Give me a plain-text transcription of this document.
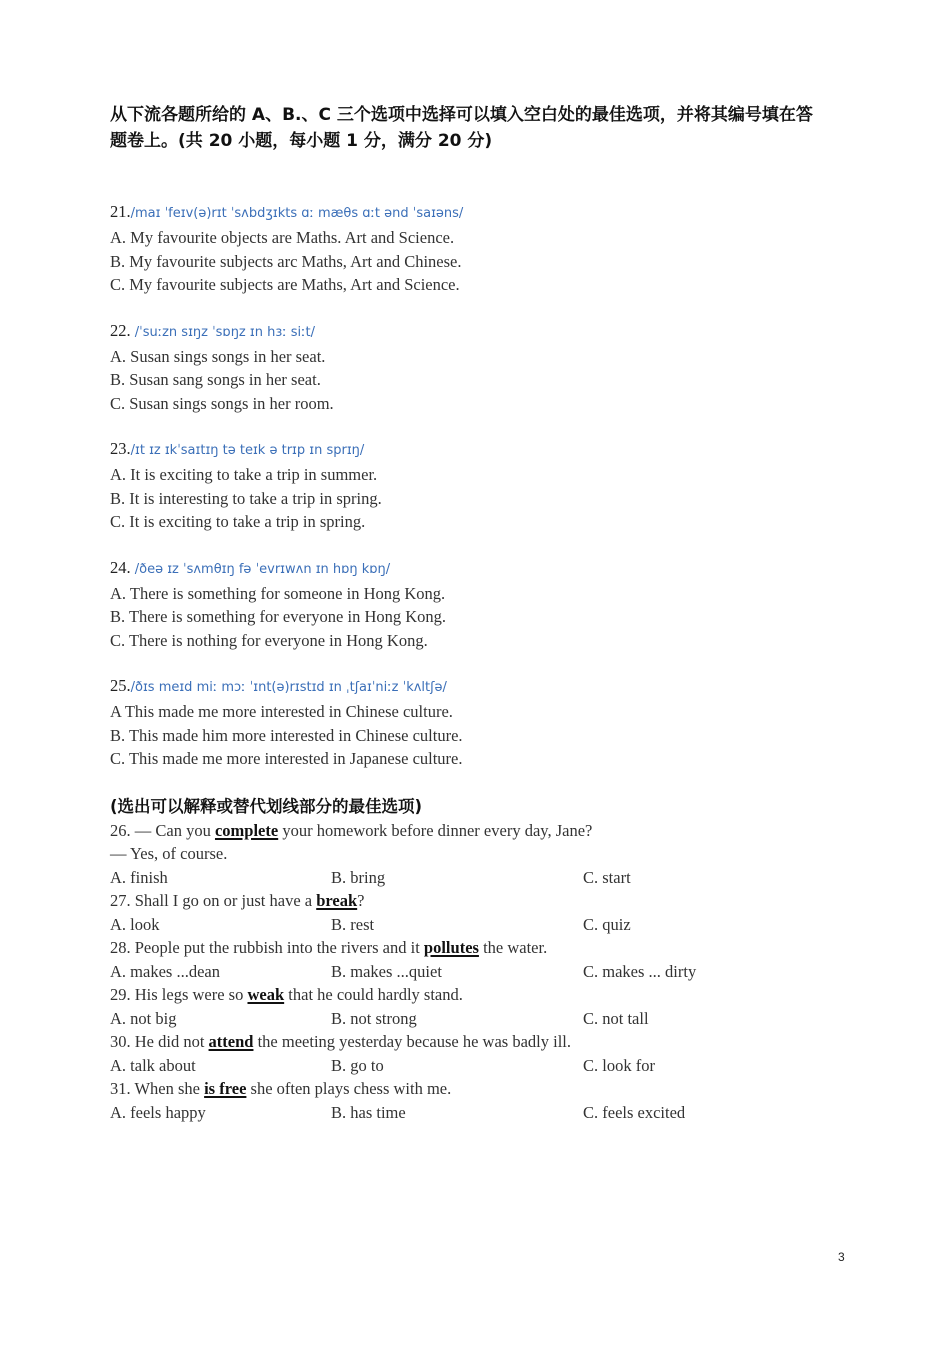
从下流各题所给的 A、B.、C 三个选项中选择可以填入空白处的最佳选项，并将其编号填在答
题卷上。(共 20 小题，每小题 1 分，满分 20 分)
21./maɪ ˈfeɪv(ə)rɪt ˈsʌbdʒɪkts ɑː mæθs ɑːt ənd ˈsaɪəns/
A. My favourite objects are Maths. Art and Science.
B. My favourite subjects arc Maths, Art and Chinese.
C. My favourite subjects are Maths, Art and Science.
22. /ˈsuːzn sɪŋz ˈsɒŋz ɪn hɜː siːt/
A. Susan sings songs in her seat.
B. Susan sang songs in her seat.
C. Susan sings songs in her room.
23./ɪt ɪz ɪkˈsaɪtɪŋ tə teɪk ə trɪp ɪn sprɪŋ/
A. It is exciting to take a trip in summer.
B. It is interesting to take a trip in spring.
C. It is exciting to take a trip in spring.
24. /ðeə ɪz ˈsʌmθɪŋ fə ˈevrɪwʌn ɪn hɒŋ kɒŋ/
A. There is something for someone in Hong Kong.
B. There is something for everyone in Hong Kong.
C. There is nothing for everyone in Hong Kong.
25./ðɪs meɪd miː mɔː ˈɪnt(ə)rɪstɪd ɪn ˌtʃaɪˈniːz ˈkʌltʃə/
A This made me more interested in Chinese culture.
B. This made him more interested in Chinese culture.
C. This made me more interested in Japanese culture.
(选出可以解释或替代划线部分的最佳选项)
26. — Can you complete your homework before dinner every day, Jane?
— Yes, of course.
A. finish	B. bring	C. start
27. Shall I go on or just have a break?
A. look	B. rest	C. quiz
28. People put the rubbish into the rivers and it pollutes the water.
A. makes ...dean	B. makes ...quiet	C. makes ... dirty
29. His legs were so weak that he could hardly stand.
A. not big	B. not strong	C. not tall
30. He did not attend the meeting yesterday because he was badly ill.
A. talk about	B. go to	C. look for
31. When she is free she often plays chess with me.
A. feels happy	B. has time	C. feels excited
3
